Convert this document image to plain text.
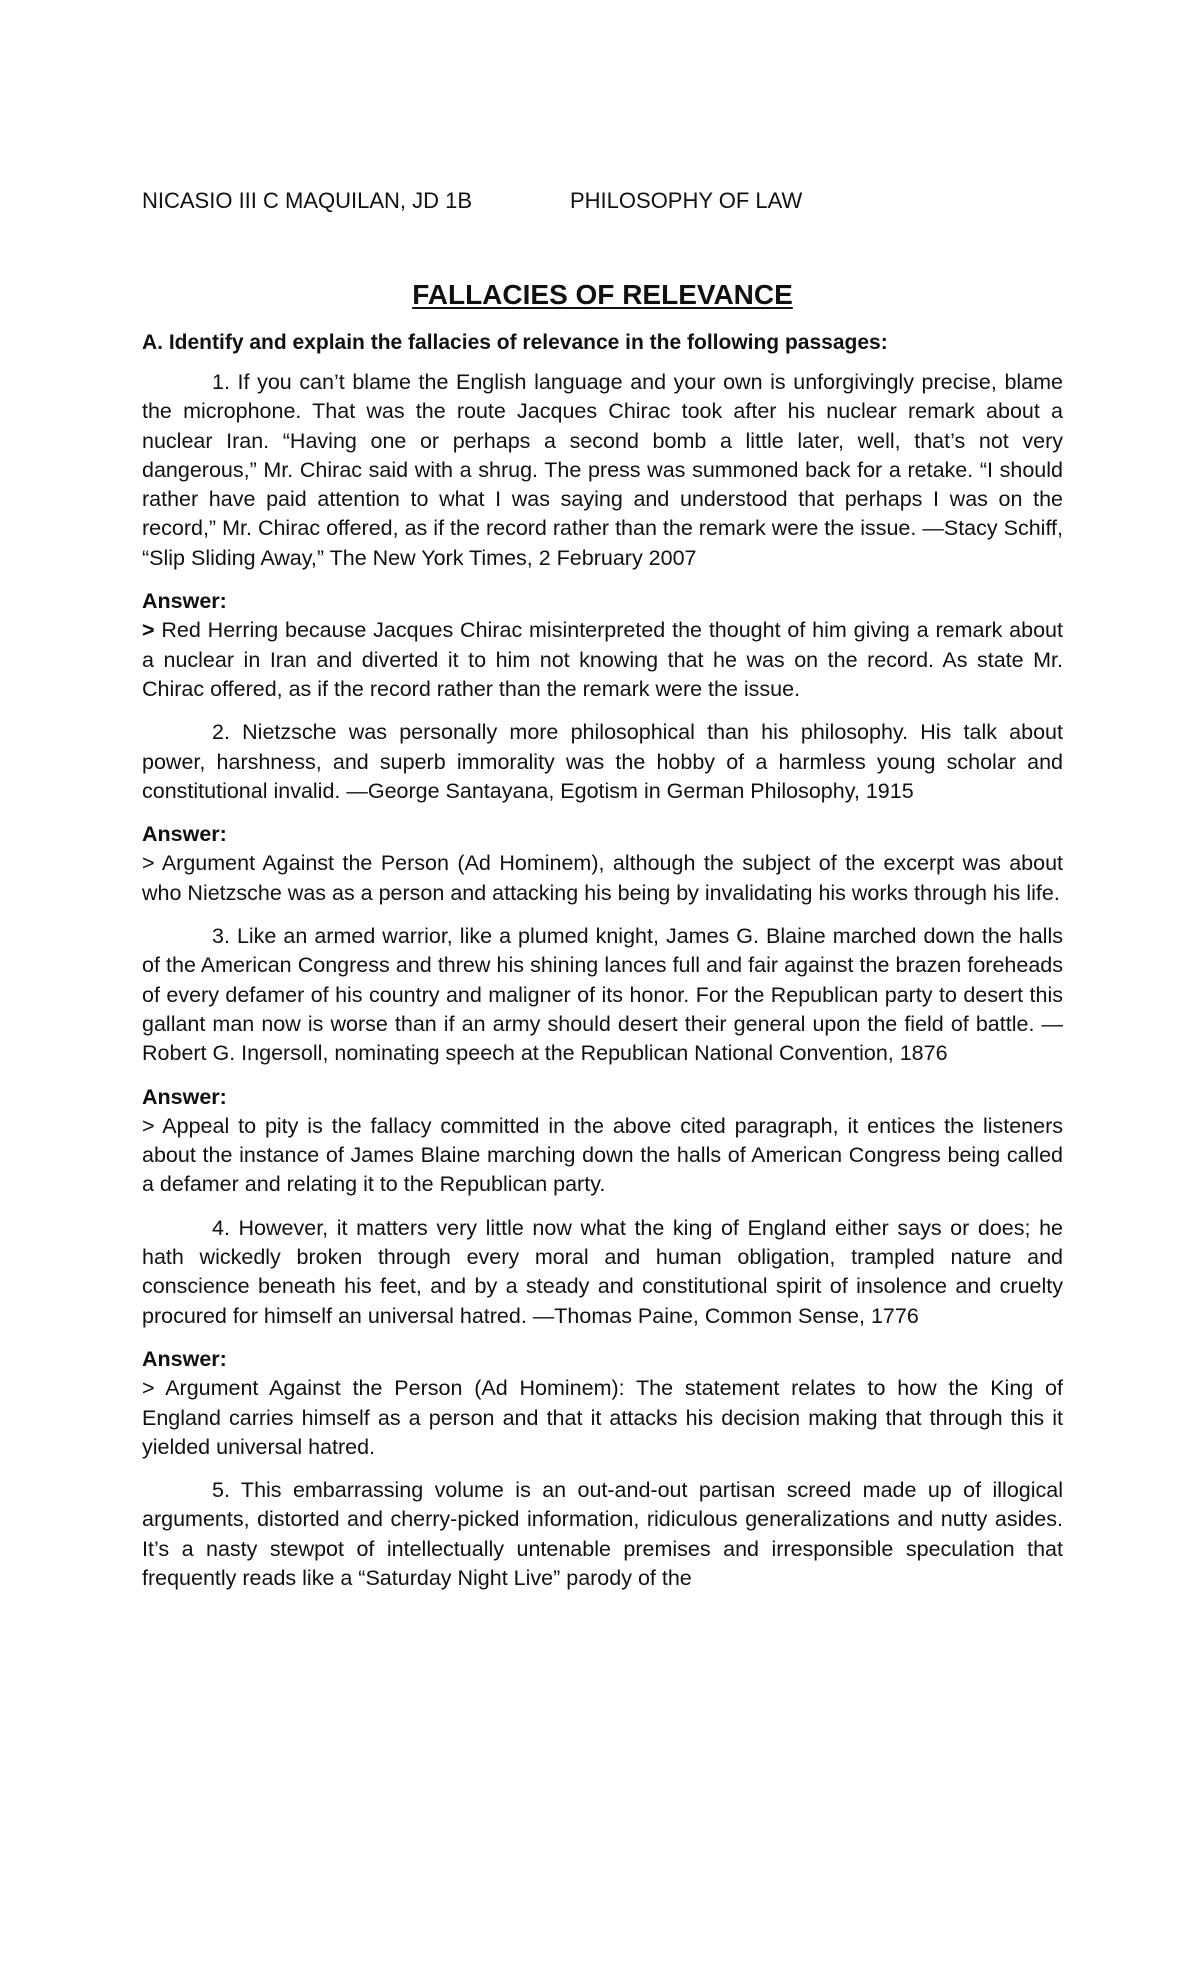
NICASIO III C MAQUILAN, JD 1B	PHILOSOPHY OF LAW
FALLACIES OF RELEVANCE

A. Identify and explain the fallacies of relevance in the following passages:

1. If you can’t blame the English language and your own is unforgivingly precise, blame the microphone. That was the route Jacques Chirac took after his nuclear remark about a nuclear Iran. “Having one or perhaps a second bomb a little later, well, that’s not very dangerous,” Mr. Chirac said with a shrug. The press was summoned back for a retake. “I should rather have paid attention to what I was saying and understood that perhaps I was on the record,” Mr. Chirac offered, as if the record rather than the remark were the issue. —Stacy Schiff, “Slip Sliding Away,” The New York Times, 2 February 2007

Answer:

> Red Herring because Jacques Chirac misinterpreted the thought of him giving a remark about a nuclear in Iran and diverted it to him not knowing that he was on the record. As state Mr. Chirac offered, as if the record rather than the remark were the issue.

2. Nietzsche was personally more philosophical than his philosophy. His talk about power, harshness, and superb immorality was the hobby of a harmless young scholar and constitutional invalid. —George Santayana, Egotism in German Philosophy, 1915

Answer:

> Argument Against the Person (Ad Hominem), although the subject of the excerpt was about who Nietzsche was as a person and attacking his being by invalidating his works through his life.

3. Like an armed warrior, like a plumed knight, James G. Blaine marched down the halls of the American Congress and threw his shining lances full and fair against the brazen foreheads of every defamer of his country and maligner of its honor. For the Republican party to desert this gallant man now is worse than if an army should desert their general upon the field of battle. —Robert G. Ingersoll, nominating speech at the Republican National Convention, 1876

Answer:

> Appeal to pity is the fallacy committed in the above cited paragraph, it entices the listeners about the instance of James Blaine marching down the halls of American Congress being called a defamer and relating it to the Republican party.

4. However, it matters very little now what the king of England either says or does; he hath wickedly broken through every moral and human obligation, trampled nature and conscience beneath his feet, and by a steady and constitutional spirit of insolence and cruelty procured for himself an universal hatred. —Thomas Paine, Common Sense, 1776

Answer:

> Argument Against the Person (Ad Hominem): The statement relates to how the King of England carries himself as a person and that it attacks his decision making that through this it yielded universal hatred.

5. This embarrassing volume is an out-and-out partisan screed made up of illogical arguments, distorted and cherry-picked information, ridiculous generalizations and nutty asides. It’s a nasty stewpot of intellectually untenable premises and irresponsible speculation that frequently reads like a “Saturday Night Live” parody of the
